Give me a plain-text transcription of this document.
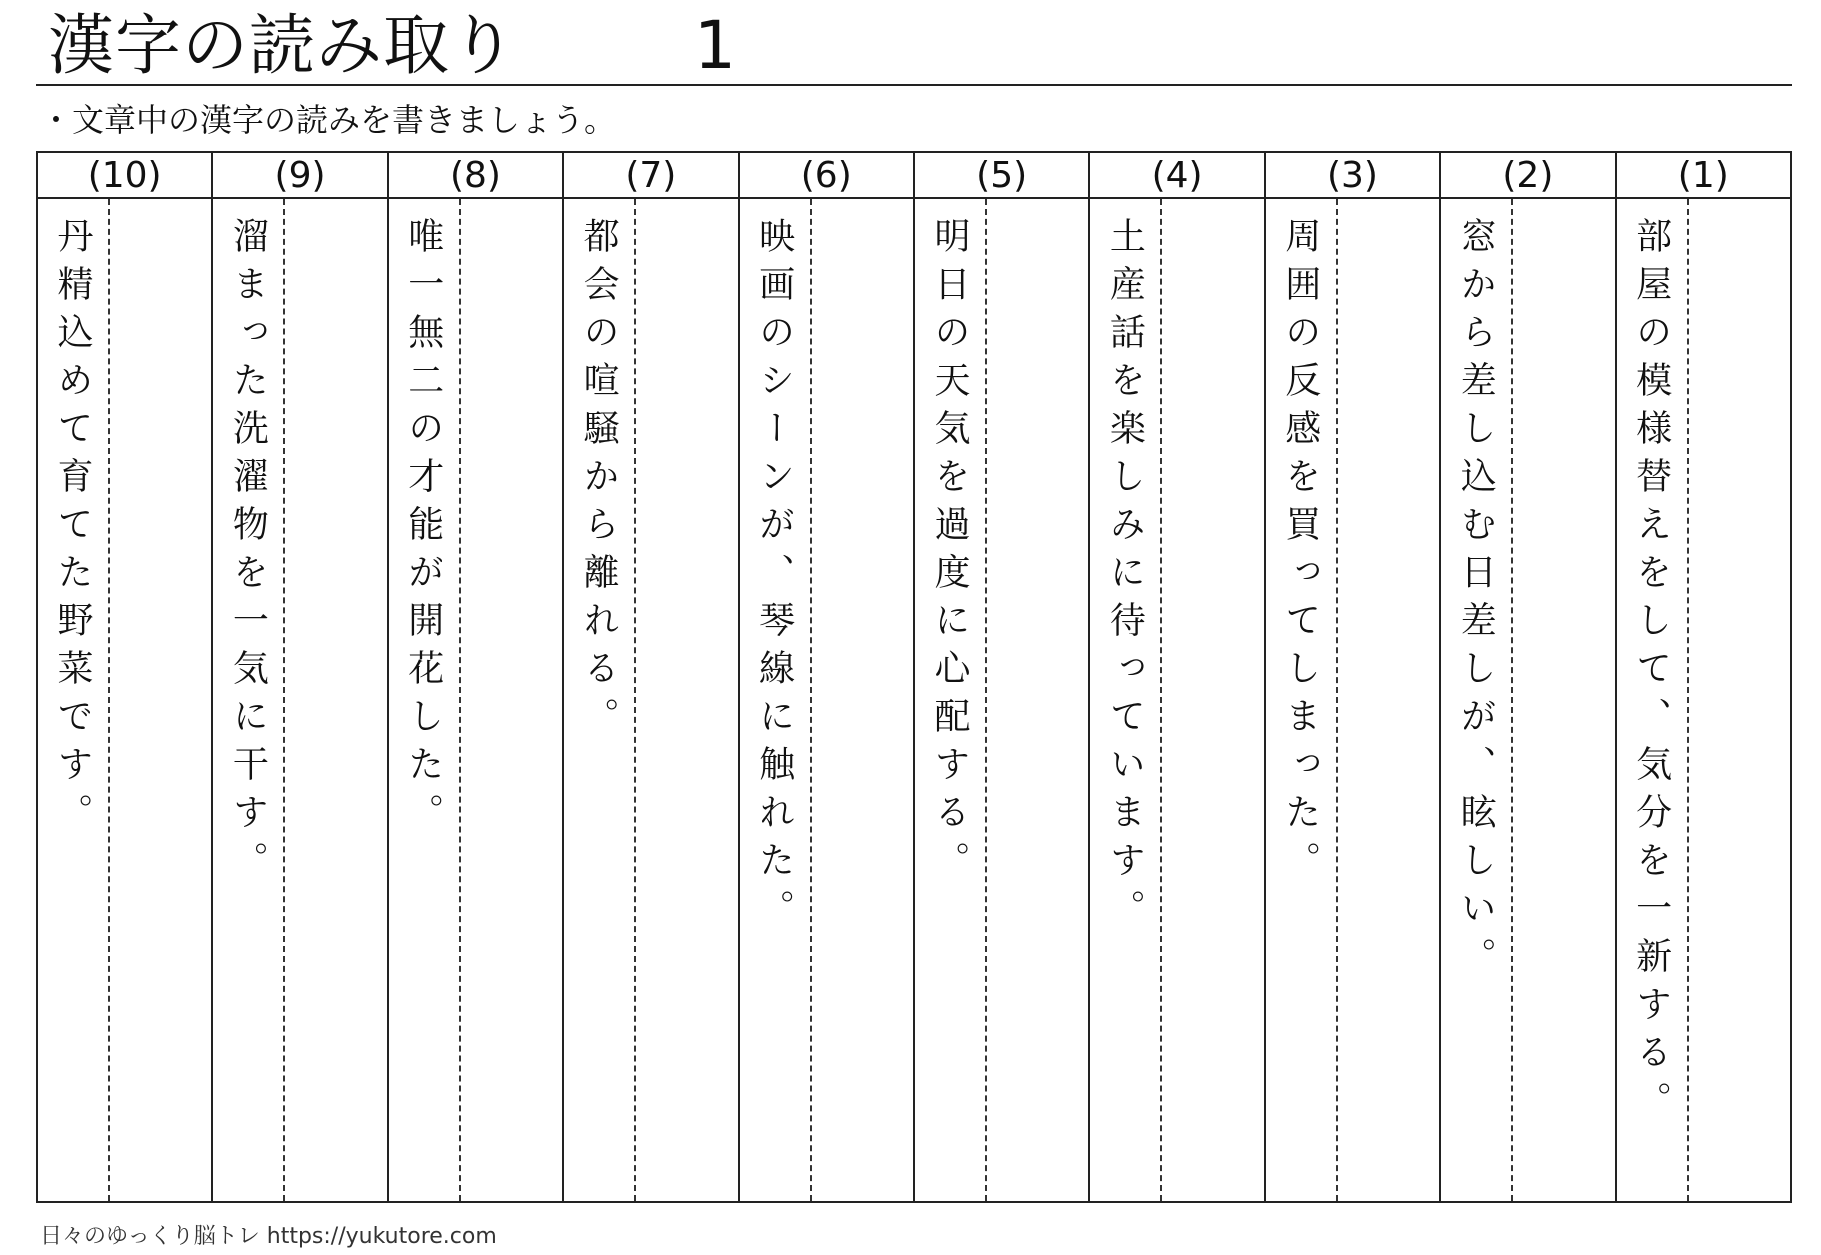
漢字の読み取り	1
・文章中の漢字の読みを書きましょう。
(1)
部屋の模様替えをして、気分を一新する。
(2)
窓から差し込む日差しが、眩しい。
(3)
周囲の反感を買ってしまった。
(4)
土産話を楽しみに待っています。
(5)
明日の天気を過度に心配する。
(6)
映画のシーンが、琴線に触れた。
(7)
都会の喧騒から離れる。
(8)
唯一無二の才能が開花した。
(9)
溜まった洗濯物を一気に干す。
(10)
丹精込めて育てた野菜です。
日々のゆっくり脳トレ https://yukutore.com
